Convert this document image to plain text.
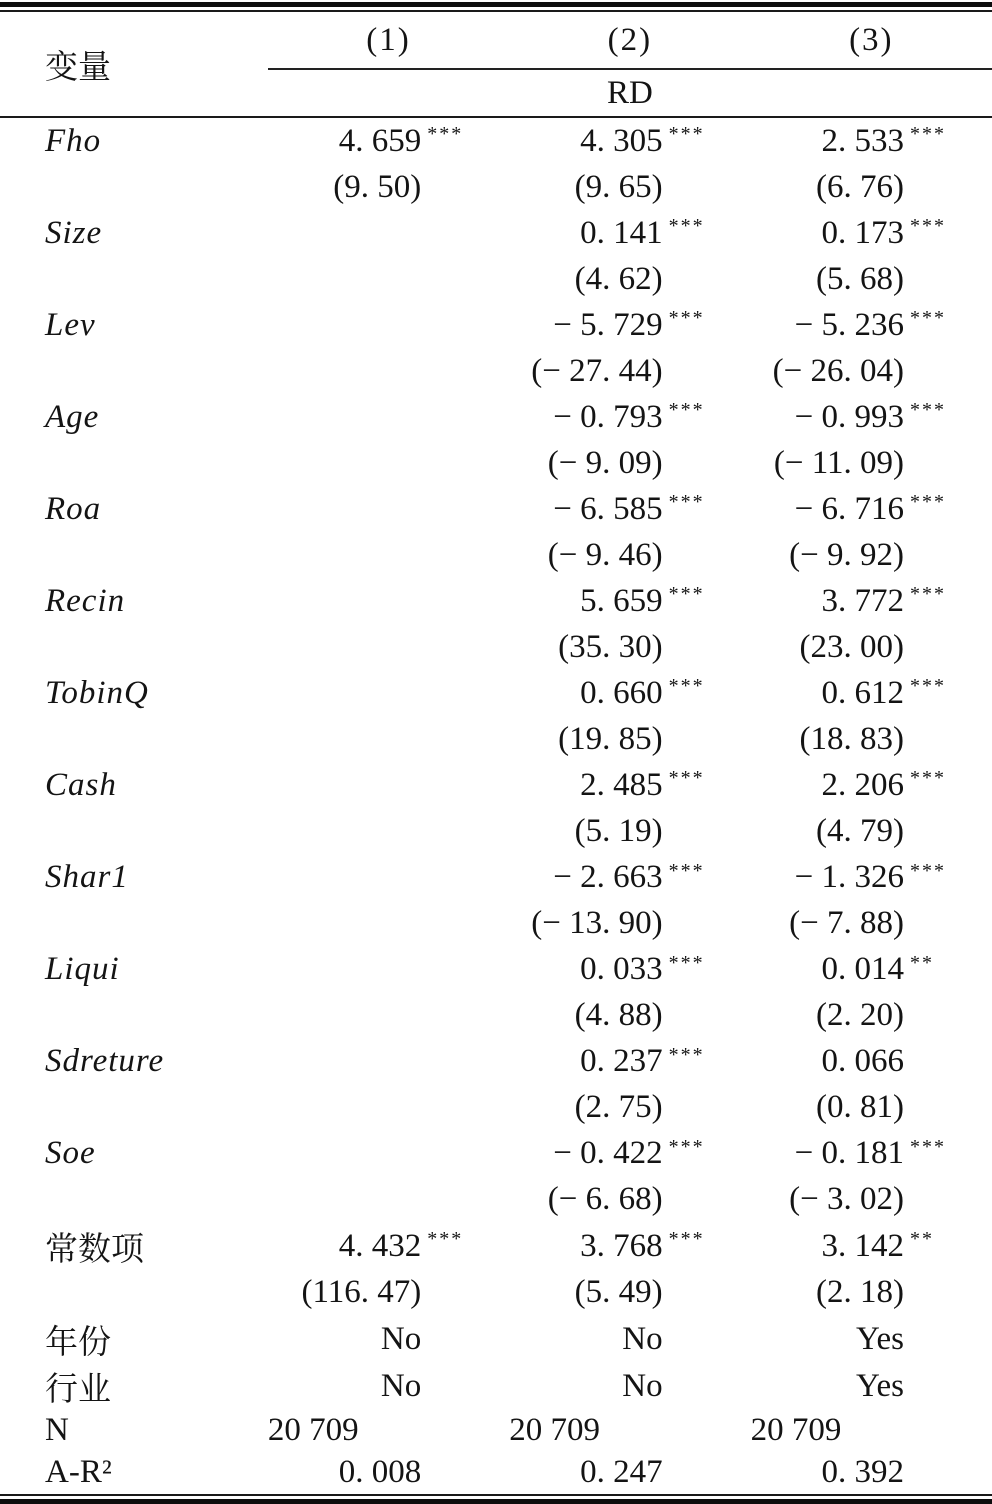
变量	(1)	(2)	(3)
	RD		
Fho	4. 659 ***	4. 305 ***	2. 533 ***

	(9. 50)	(9. 65)	(6. 76)
Size		0. 141 ***	0. 173 ***

		(4. 62)	(5. 68)
Lev		− 5. 729 ***	− 5. 236 ***

		(− 27. 44)	(− 26. 04)
Age		− 0. 793 ***	− 0. 993 ***

		(− 9. 09)	(− 11. 09)
Roa		− 6. 585 ***	− 6. 716 ***

		(− 9. 46)	(− 9. 92)
Recin		5. 659 ***	3. 772 ***

		(35. 30)	(23. 00)
TobinQ		0. 660 ***	0. 612 ***

		(19. 85)	(18. 83)
Cash		2. 485 ***	2. 206 ***

		(5. 19)	(4. 79)
Shar1		− 2. 663 ***	− 1. 326 ***

		(− 13. 90)	(− 7. 88)
Liqui		0. 033 ***	0. 014 **

		(4. 88)	(2. 20)
Sdreture		0. 237 ***	0. 066

		(2. 75)	(0. 81)
Soe		− 0. 422 ***	− 0. 181 ***

		(− 6. 68)	(− 3. 02)
常数项	4. 432 ***	3. 768 ***	3. 142 **

	(116. 47)	(5. 49)	(2. 18)
年份	No	No	Yes
行业	No	No	Yes
N	20 709	20 709	20 709
A-R²	0. 008	0. 247	0. 392
